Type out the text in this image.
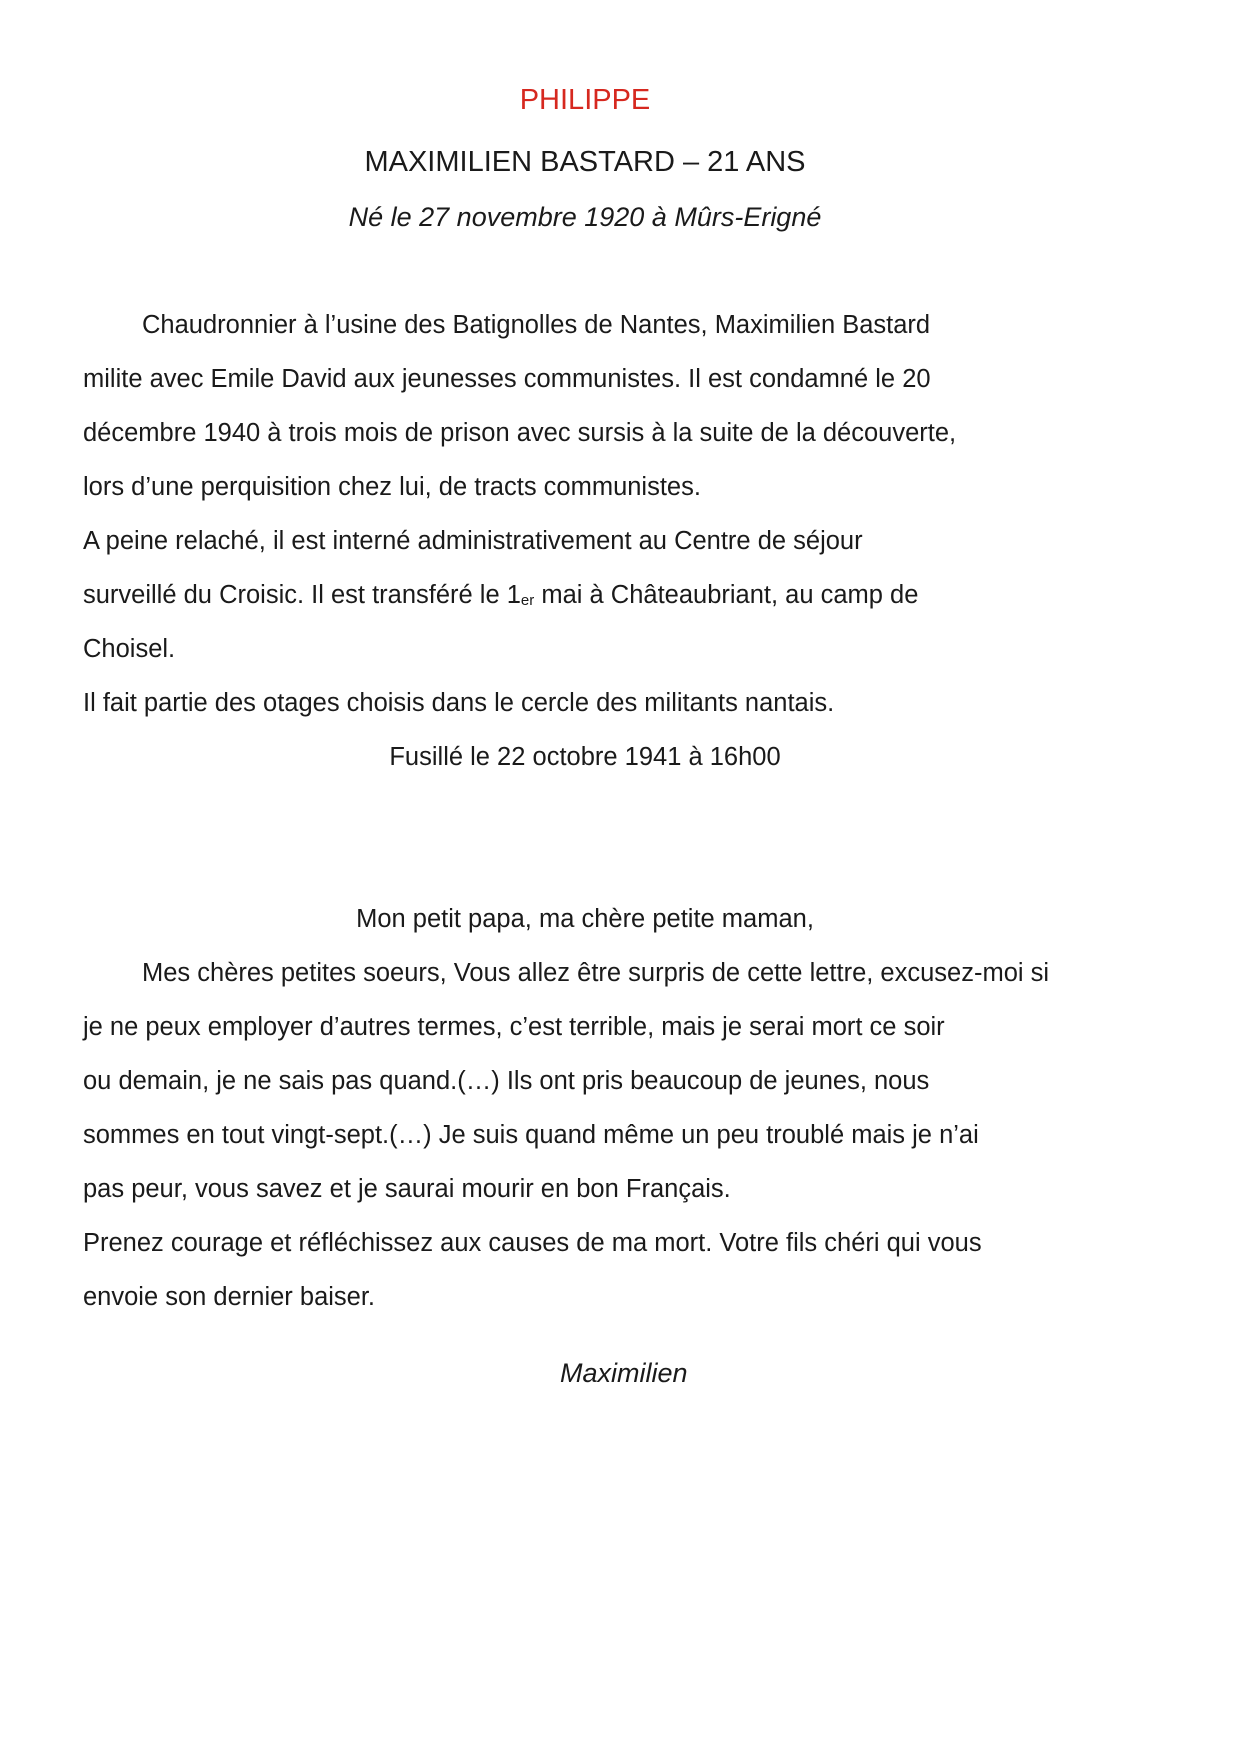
PHILIPPE
MAXIMILIEN BASTARD – 21 ANS
Né le 27 novembre 1920 à Mûrs-Erigné
Chaudronnier à l’usine des Batignolles de Nantes, Maximilien Bastard
milite avec Emile David aux jeunesses communistes. Il est condamné le 20
décembre 1940 à trois mois de prison avec sursis à la suite de la découverte,
lors d’une perquisition chez lui, de tracts communistes.
A peine relaché, il est interné administrativement au Centre de séjour
surveillé du Croisic. Il est transféré le $1_{er}$ mai à Châteaubriant, au camp de
Choisel.
Il fait partie des otages choisis dans le cercle des militants nantais.
Fusillé le 22 octobre 1941 à 16h00
Mon petit papa, ma chère petite maman,
Mes chères petites soeurs, Vous allez être surpris de cette lettre, excusez-moi si
je ne peux employer d’autres termes, c’est terrible, mais je serai mort ce soir
ou demain, je ne sais pas quand.(…) Ils ont pris beaucoup de jeunes, nous
sommes en tout vingt-sept.(…) Je suis quand même un peu troublé mais je n’ai
pas peur, vous savez et je saurai mourir en bon Français.
Prenez courage et réfléchissez aux causes de ma mort. Votre fils chéri qui vous
envoie son dernier baiser.
Maximilien
